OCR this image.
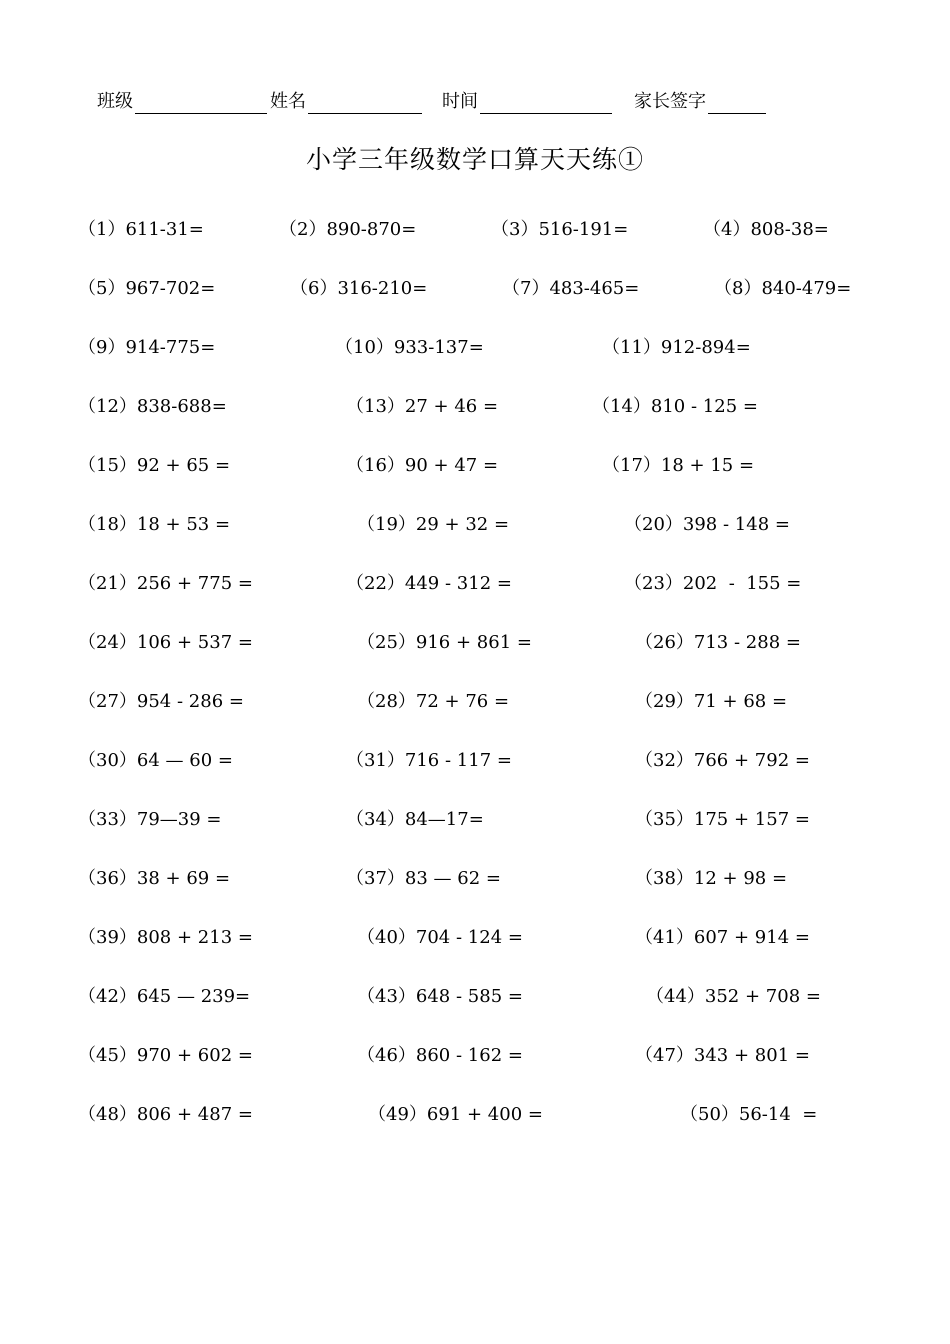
班级	姓名	时间	家长签字
小学三年级数学口算天天练①
（1）611-31=	（2）890-870=	（3）516-191=	（4）808-38=
（5）967-702=	（6）316-210=	（7）483-465=	（8）840-479=
（9）914-775=	（10）933-137=	（11）912-894=
（12）838-688=	（13）27 + 46 =	（14）810 - 125 =
（15）92 + 65 =	（16）90 + 47 =	（17）18 + 15 =
（18）18 + 53 =	（19）29 + 32 =	（20）398 - 148 =
（21）256 + 775 =	（22）449 - 312 =	（23）202  -  155 =
（24）106 + 537 =	（25）916 + 861 =	（26）713 - 288 =
（27）954 - 286 =	（28）72 + 76 =	（29）71 + 68 =
（30）64 — 60 =	（31）716 - 117 =	（32）766 + 792 =
（33）79—39 =	（34）84—17=	（35）175 + 157 =
（36）38 + 69 =	（37）83 — 62 =	（38）12 + 98 =
（39）808 + 213 =	（40）704 - 124 =	（41）607 + 914 =
（42）645 — 239=	（43）648 - 585 =	（44）352 + 708 =
（45）970 + 602 =	（46）860 - 162 =	（47）343 + 801 =
（48）806 + 487 =	（49）691 + 400 =	（50）56-14  =
